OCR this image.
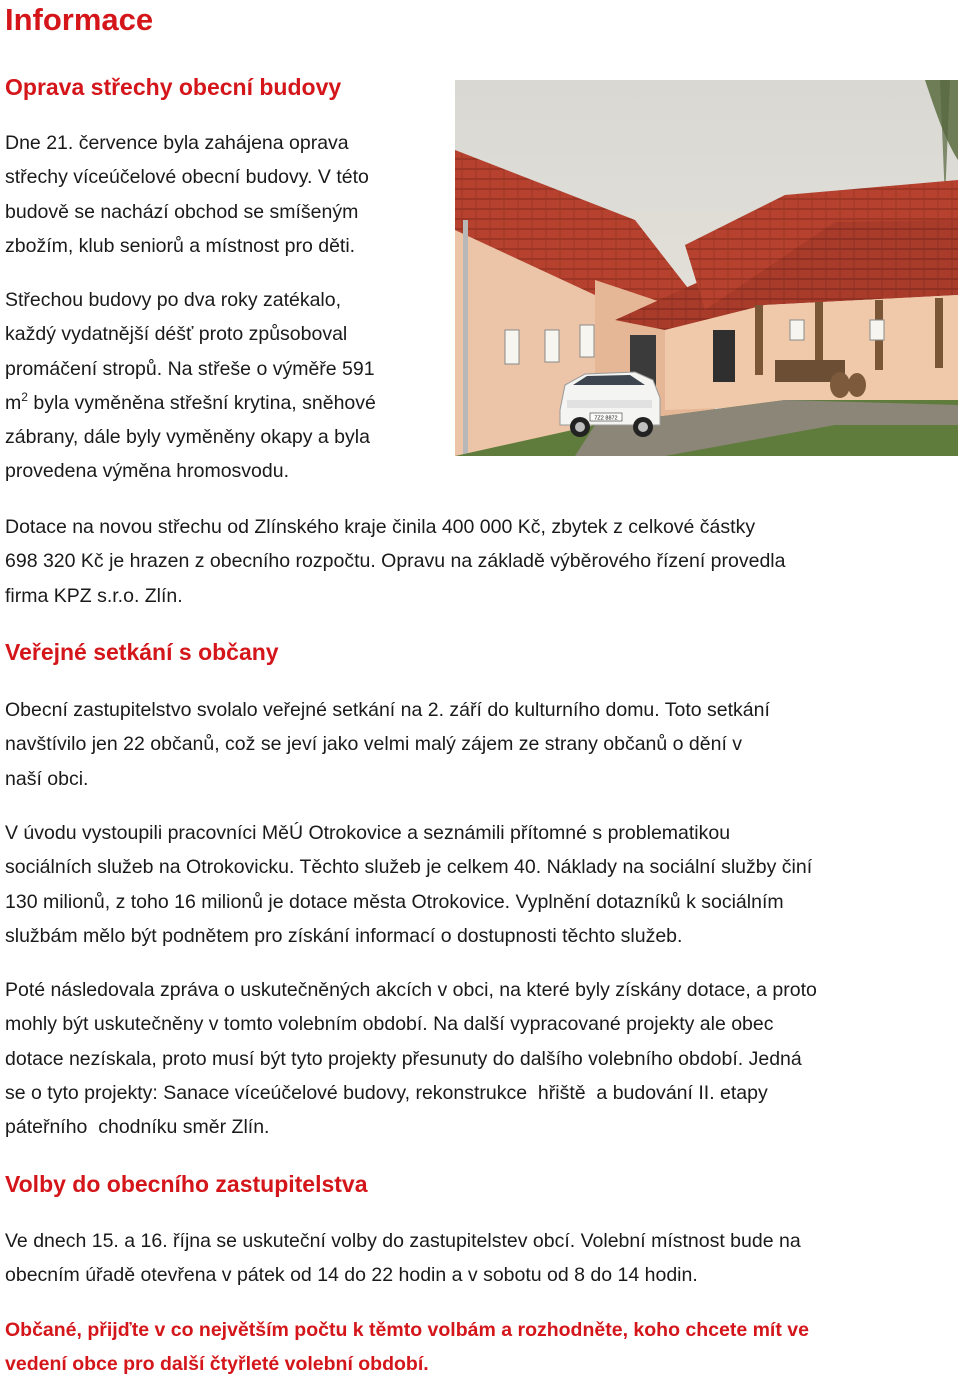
Informace
Oprava střechy obecní budovy

Dne 21. července byla zahájena oprava
střechy víceúčelové obecní budovy. V této
budově se nachází obchod se smíšeným
zbožím, klub seniorů a místnost pro děti.

Střechou budovy po dva roky zatékalo,
každý vydatnější déšť proto způsoboval
promáčení stropů. Na střeše o výměře 591
$m^2$ byla vyměněna střešní krytina, sněhové
zábrany, dále byly vyměněny okapy a byla
provedena výměna hromosvodu.

7Z2 8872

Dotace na novou střechu od Zlínského kraje činila 400 000 Kč, zbytek z celkové částky
698 320 Kč je hrazen z obecního rozpočtu. Opravu na základě výběrového řízení provedla
firma KPZ s.r.o. Zlín.

Veřejné setkání s občany

Obecní zastupitelstvo svolalo veřejné setkání na 2. září do kulturního domu. Toto setkání
navštívilo jen 22 občanů, což se jeví jako velmi malý zájem ze strany občanů o dění v
naší obci.

V úvodu vystoupili pracovníci MěÚ Otrokovice a seznámili přítomné s problematikou
sociálních služeb na Otrokovicku. Těchto služeb je celkem 40. Náklady na sociální služby činí
130 milionů, z toho 16 milionů je dotace města Otrokovice. Vyplnění dotazníků k sociálním
službám mělo být podnětem pro získání informací o dostupnosti těchto služeb.

Poté následovala zpráva o uskutečněných akcích v obci, na které byly získány dotace, a proto
mohly být uskutečněny v tomto volebním období. Na další vypracované projekty ale obec
dotace nezískala, proto musí být tyto projekty přesunuty do dalšího volebního období. Jedná
se o tyto projekty: Sanace víceúčelové budovy, rekonstrukce  hřiště  a budování II. etapy
páteřního  chodníku směr Zlín.

Volby do obecního zastupitelstva

Ve dnech 15. a 16. října se uskuteční volby do zastupitelstev obcí. Volební místnost bude na
obecním úřadě otevřena v pátek od 14 do 22 hodin a v sobotu od 8 do 14 hodin.

Občané, přijďte v co největším počtu k těmto volbám a rozhodněte, koho chcete mít ve
vedení obce pro další čtyřleté volební období.
